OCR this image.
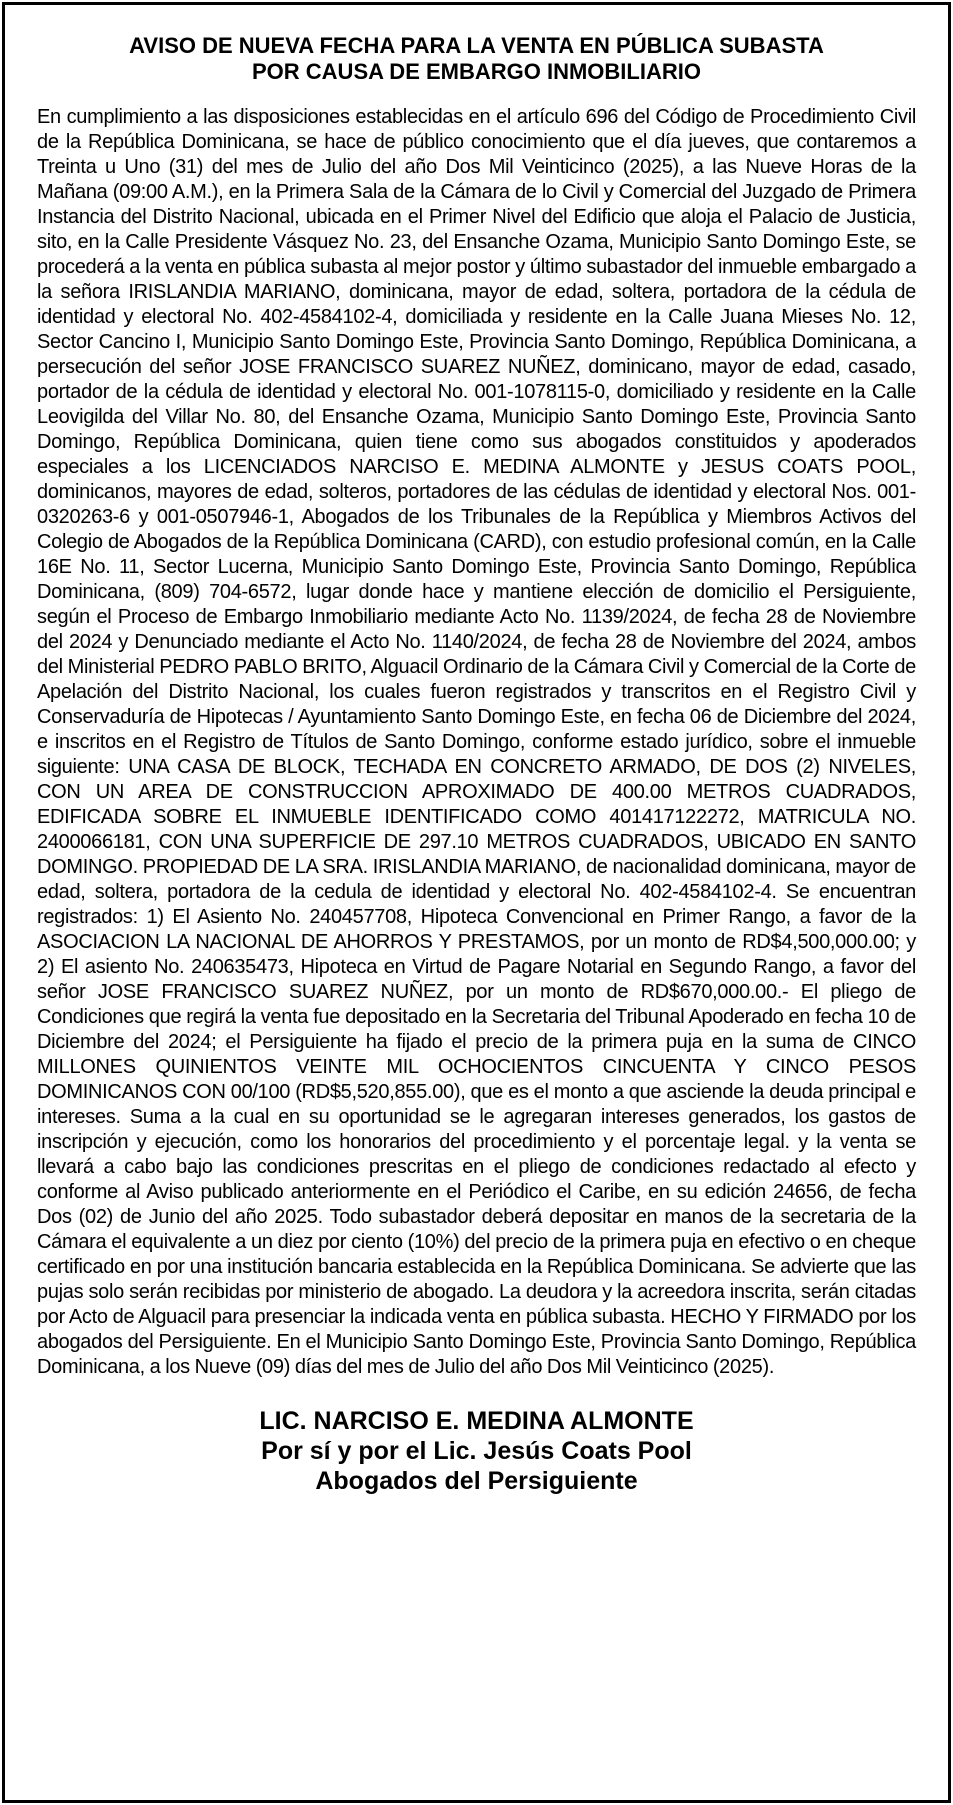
AVISO DE NUEVA FECHA PARA LA VENTA EN PÚBLICA SUBASTA
POR CAUSA DE EMBARGO INMOBILIARIO

En cumplimiento a las disposiciones establecidas en el artículo 696 del Código de Procedimiento Civil de la República Dominicana, se hace de público conocimiento que el día jueves, que contaremos a Treinta u Uno (31) del mes de Julio del año Dos Mil Veinticinco (2025), a las Nueve Horas de la Mañana (09:00 A.M.), en la Primera Sala de la Cámara de lo Civil y Comercial del Juzgado de Primera Instancia del Distrito Nacional, ubicada en el Primer Nivel del Edificio que aloja el Palacio de Justicia, sito, en la Calle Presidente Vásquez No. 23, del Ensanche Ozama, Municipio Santo Domingo Este, se procederá a la venta en pública subasta al mejor postor y último subastador del inmueble embargado a la señora IRISLANDIA MARIANO, dominicana, mayor de edad, soltera, portadora de la cédula de identidad y electoral No. 402-4584102-4, domiciliada y residente en la Calle Juana Mieses No. 12, Sector Cancino I, Municipio Santo Domingo Este, Provincia Santo Domingo, República Dominicana, a persecución del señor JOSE FRANCISCO SUAREZ NUÑEZ, dominicano, mayor de edad, casado, portador de la cédula de identidad y electoral No. 001-1078115-0, domiciliado y residente en la Calle Leovigilda del Villar No. 80, del Ensanche Ozama, Municipio Santo Domingo Este, Provincia Santo Domingo, República Dominicana, quien tiene como sus abogados constituidos y apoderados especiales a los LICENCIADOS NARCISO E. MEDINA ALMONTE y JESUS COATS POOL, dominicanos, mayores de edad, solteros, portadores de las cédulas de identidad y electoral Nos. 001-0320263-6 y 001-0507946-1, Abogados de los Tribunales de la República y Miembros Activos del Colegio de Abogados de la República Dominicana (CARD), con estudio profesional común, en la Calle 16E No. 11, Sector Lucerna, Municipio Santo Domingo Este, Provincia Santo Domingo, República Dominicana, (809) 704-6572, lugar donde hace y mantiene elección de domicilio el Persiguiente, según el Proceso de Embargo Inmobiliario mediante Acto No. 1139/2024, de fecha 28 de Noviembre del 2024 y Denunciado mediante el Acto No. 1140/2024, de fecha 28 de Noviembre del 2024, ambos del Ministerial PEDRO PABLO BRITO, Alguacil Ordinario de la Cámara Civil y Comercial de la Corte de Apelación del Distrito Nacional, los cuales fueron registrados y transcritos en el Registro Civil y Conservaduría de Hipotecas / Ayuntamiento Santo Domingo Este, en fecha 06 de Diciembre del 2024, e inscritos en el Registro de Títulos de Santo Domingo, conforme estado jurídico, sobre el inmueble siguiente: UNA CASA DE BLOCK, TECHADA EN CONCRETO ARMADO, DE DOS (2) NIVELES, CON UN AREA DE CONSTRUCCION APROXIMADO DE 400.00 METROS CUADRADOS, EDIFICADA SOBRE EL INMUEBLE IDENTIFICADO COMO 401417122272, MATRICULA NO. 2400066181, CON UNA SUPERFICIE DE 297.10 METROS CUADRADOS, UBICADO EN SANTO DOMINGO. PROPIEDAD DE LA SRA. IRISLANDIA MARIANO, de nacionalidad dominicana, mayor de edad, soltera, portadora de la cedula de identidad y electoral No. 402-4584102-4. Se encuentran registrados: 1) El Asiento No. 240457708, Hipoteca Convencional en Primer Rango, a favor de la ASOCIACION LA NACIONAL DE AHORROS Y PRESTAMOS, por un monto de RD$4,500,000.00; y 2) El asiento No. 240635473, Hipoteca en Virtud de Pagare Notarial en Segundo Rango, a favor del señor JOSE FRANCISCO SUAREZ NUÑEZ, por un monto de RD$670,000.00.- El pliego de Condiciones que regirá la venta fue depositado en la Secretaria del Tribunal Apoderado en fecha 10 de Diciembre del 2024; el Persiguiente ha fijado el precio de la primera puja en la suma de CINCO MILLONES QUINIENTOS VEINTE MIL OCHOCIENTOS CINCUENTA Y CINCO PESOS DOMINICANOS CON 00/100 (RD$5,520,855.00), que es el monto a que asciende la deuda principal e intereses. Suma a la cual en su oportunidad se le agregaran intereses generados, los gastos de inscripción y ejecución, como los honorarios del procedimiento y el porcentaje legal. y la venta se llevará a cabo bajo las condiciones prescritas en el pliego de condiciones redactado al efecto y conforme al Aviso publicado anteriormente en el Periódico el Caribe, en su edición 24656, de fecha Dos (02) de Junio del año 2025. Todo subastador deberá depositar en manos de la secretaria de la Cámara el equivalente a un diez por ciento (10%) del precio de la primera puja en efectivo o en cheque certificado en por una institución bancaria establecida en la República Dominicana. Se advierte que las pujas solo serán recibidas por ministerio de abogado. La deudora y la acreedora inscrita, serán citadas por Acto de Alguacil para presenciar la indicada venta en pública subasta. HECHO Y FIRMADO por los abogados del Persiguiente. En el Municipio Santo Domingo Este, Provincia Santo Domingo, República Dominicana, a los Nueve (09) días del mes de Julio del año Dos Mil Veinticinco (2025).

LIC. NARCISO E. MEDINA ALMONTE
Por sí y por el Lic. Jesús Coats Pool
Abogados del Persiguiente
